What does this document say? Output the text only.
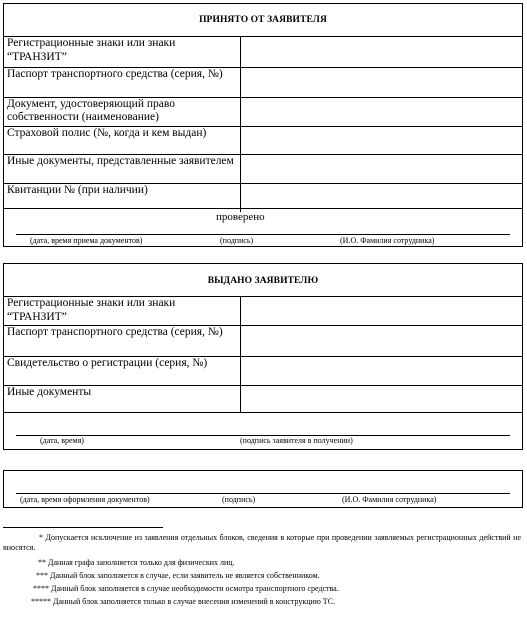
ПРИНЯТО ОТ ЗАЯВИТЕЛЯ
Регистрационные знаки или знаки “ТРАНЗИТ”	
Паспорт транспортного средства (серия, №)	
Документ, удостоверяющий право собственности (наименование)	
Страховой полис (№, когда и кем выдан)	
Иные документы, представленные заявителем	
Квитанции № (при наличии)	
проверено
(дата, время приема документов)	(подпись)	(И.О. Фамилия сотрудника)
ВЫДАНО ЗАЯВИТЕЛЮ
Регистрационные знаки или знаки “ТРАНЗИТ”	
Паспорт транспортного средства (серия, №)	
Свидетельство о регистрации (серия, №)	
Иные документы	
(дата, время)	(подпись заявителя в получении)
(дата, время оформления документов)	(подпись)	(И.О. Фамилия сотрудника)
* Допускается исключение из заявления отдельных блоков, сведения в которые при проведении заявляемых регистрационных действий не вносятся.
** Данная графа заполняется только для физических лиц.
*** Данный блок заполняется в случае, если заявитель не является собственником.
**** Данный блок заполняется в случае необходимости осмотра транспортного средства.
***** Данный блок заполняется только в случае внесения изменений в конструкцию ТС.
